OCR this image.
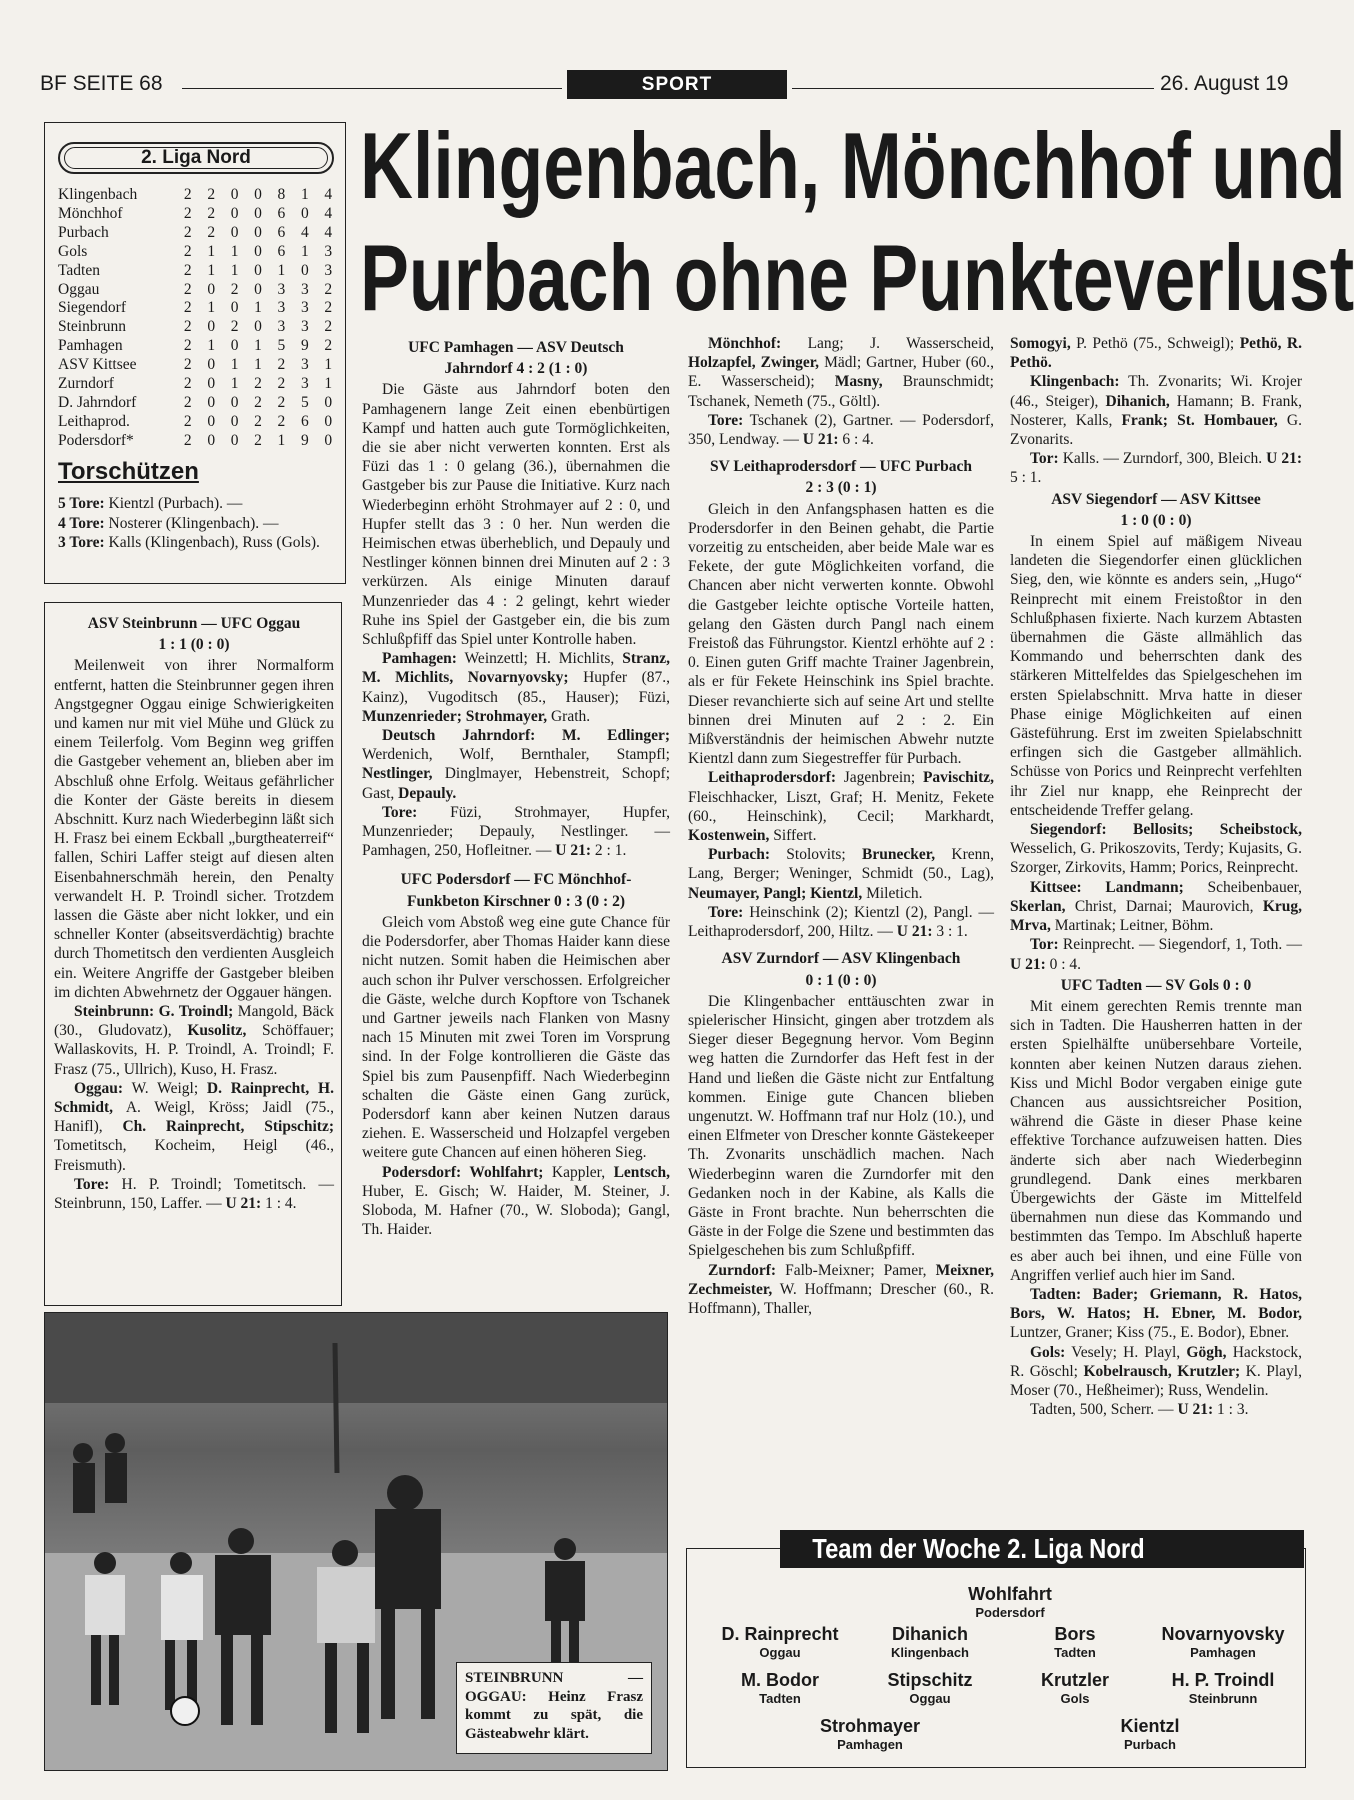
BF SEITE 68	SPORT	26. August 19
Klingenbach, Mönchhof und
Purbach ohne Punkteverlust
2. Liga Nord
Klingenbach	2	2	0	0	8	1	4
Mönchhof	2	2	0	0	6	0	4
Purbach	2	2	0	0	6	4	4
Gols	2	1	1	0	6	1	3
Tadten	2	1	1	0	1	0	3
Oggau	2	0	2	0	3	3	2
Siegendorf	2	1	0	1	3	3	2
Steinbrunn	2	0	2	0	3	3	2
Pamhagen	2	1	0	1	5	9	2
ASV Kittsee	2	0	1	1	2	3	1
Zurndorf	2	0	1	2	2	3	1
D. Jahrndorf	2	0	0	2	2	5	0
Leithaprod.	2	0	0	2	2	6	0
Podersdorf*	2	0	0	2	1	9	0
Torschützen
5 Tore: Kientzl (Purbach). —
4 Tore: Nosterer (Klingenbach). —
3 Tore: Kalls (Klingenbach), Russ (Gols).

ASV Steinbrunn — UFC Oggau

1 : 1 (0 : 0)

Meilenweit von ihrer Normalform entfernt, hatten die Steinbrunner gegen ihren Angstgegner Oggau einige Schwierigkeiten und kamen nur mit viel Mühe und Glück zu einem Teilerfolg. Vom Beginn weg griffen die Gastgeber vehement an, blieben aber im Abschluß ohne Erfolg. Weitaus gefährlicher die Konter der Gäste bereits in diesem Abschnitt. Kurz nach Wiederbeginn läßt sich H. Frasz bei einem Eckball „burgtheaterreif“ fallen, Schiri Laffer steigt auf diesen alten Eisenbahnerschmäh herein, den Penalty verwandelt H. P. Troindl sicher. Trotzdem lassen die Gäste aber nicht lokker, und ein schneller Konter (abseitsverdächtig) brachte durch Thometitsch den verdienten Ausgleich ein. Weitere Angriffe der Gastgeber bleiben im dichten Abwehrnetz der Oggauer hängen.

Steinbrunn: G. Troindl; Mangold, Bäck (30., Gludovatz), Kusolitz, Schöffauer; Wallaskovits, H. P. Troindl, A. Troindl; F. Frasz (75., Ullrich), Kuso, H. Frasz.

Oggau: W. Weigl; D. Rainprecht, H. Schmidt, A. Weigl, Kröss; Jaidl (75., Hanifl), Ch. Rainprecht, Stipschitz; Tometitsch, Kocheim, Heigl (46., Freismuth).

Tore: H. P. Troindl; Tometitsch. — Steinbrunn, 150, Laffer. — U 21: 1 : 4.

UFC Pamhagen — ASV Deutsch

Jahrndorf 4 : 2 (1 : 0)

Die Gäste aus Jahrndorf boten den Pamhagenern lange Zeit einen ebenbürtigen Kampf und hatten auch gute Tormöglichkeiten, die sie aber nicht verwerten konnten. Erst als Füzi das 1 : 0 gelang (36.), übernahmen die Gastgeber bis zur Pause die Initiative. Kurz nach Wiederbeginn erhöht Strohmayer auf 2 : 0, und Hupfer stellt das 3 : 0 her. Nun werden die Heimischen etwas überheblich, und Depauly und Nestlinger können binnen drei Minuten auf 2 : 3 verkürzen. Als einige Minuten darauf Munzenrieder das 4 : 2 gelingt, kehrt wieder Ruhe ins Spiel der Gastgeber ein, die bis zum Schlußpfiff das Spiel unter Kontrolle haben.

Pamhagen: Weinzettl; H. Michlits, Stranz, M. Michlits, Novarnyovsky; Hupfer (87., Kainz), Vugoditsch (85., Hauser); Füzi, Munzenrieder; Strohmayer, Grath.

Deutsch Jahrndorf: M. Edlinger; Werdenich, Wolf, Bernthaler, Stampfl; Nestlinger, Dinglmayer, Hebenstreit, Schopf; Gast, Depauly.

Tore: Füzi, Strohmayer, Hupfer, Munzenrieder; Depauly, Nestlinger. — Pamhagen, 250, Hofleitner. — U 21: 2 : 1.

UFC Podersdorf — FC Mönchhof-

Funkbeton Kirschner 0 : 3 (0 : 2)

Gleich vom Abstoß weg eine gute Chance für die Podersdorfer, aber Thomas Haider kann diese nicht nutzen. Somit haben die Heimischen aber auch schon ihr Pulver verschossen. Erfolgreicher die Gäste, welche durch Kopftore von Tschanek und Gartner jeweils nach Flanken von Masny nach 15 Minuten mit zwei Toren im Vorsprung sind. In der Folge kontrollieren die Gäste das Spiel bis zum Pausenpfiff. Nach Wiederbeginn schalten die Gäste einen Gang zurück, Podersdorf kann aber keinen Nutzen daraus ziehen. E. Wasserscheid und Holzapfel vergeben weitere gute Chancen auf einen höheren Sieg.

Podersdorf: Wohlfahrt; Kappler, Lentsch, Huber, E. Gisch; W. Haider, M. Steiner, J. Sloboda, M. Hafner (70., W. Sloboda); Gangl, Th. Haider.

Mönchhof: Lang; J. Wasserscheid, Holzapfel, Zwinger, Mädl; Gartner, Huber (60., E. Wasserscheid); Masny, Braunschmidt; Tschanek, Nemeth (75., Göltl).

Tore: Tschanek (2), Gartner. — Podersdorf, 350, Lendway. — U 21: 6 : 4.

SV Leithaprodersdorf — UFC Purbach

2 : 3 (0 : 1)

Gleich in den Anfangsphasen hatten es die Prodersdorfer in den Beinen gehabt, die Partie vorzeitig zu entscheiden, aber beide Male war es Fekete, der gute Möglichkeiten vorfand, die Chancen aber nicht verwerten konnte. Obwohl die Gastgeber leichte optische Vorteile hatten, gelang den Gästen durch Pangl nach einem Freistoß das Führungstor. Kientzl erhöhte auf 2 : 0. Einen guten Griff machte Trainer Jagenbrein, als er für Fekete Heinschink ins Spiel brachte. Dieser revanchierte sich auf seine Art und stellte binnen drei Minuten auf 2 : 2. Ein Mißverständnis der heimischen Abwehr nutzte Kientzl dann zum Siegestreffer für Purbach.

Leithaprodersdorf: Jagenbrein; Pavischitz, Fleischhacker, Liszt, Graf; H. Menitz, Fekete (60., Heinschink), Cecil; Markhardt, Kostenwein, Siffert.

Purbach: Stolovits; Brunecker, Krenn, Lang, Berger; Weninger, Schmidt (50., Lag), Neumayer, Pangl; Kientzl, Miletich.

Tore: Heinschink (2); Kientzl (2), Pangl. — Leithaprodersdorf, 200, Hiltz. — U 21: 3 : 1.

ASV Zurndorf — ASV Klingenbach

0 : 1 (0 : 0)

Die Klingenbacher enttäuschten zwar in spielerischer Hinsicht, gingen aber trotzdem als Sieger dieser Begegnung hervor. Vom Beginn weg hatten die Zurndorfer das Heft fest in der Hand und ließen die Gäste nicht zur Entfaltung kommen. Einige gute Chancen blieben ungenutzt. W. Hoffmann traf nur Holz (10.), und einen Elfmeter von Drescher konnte Gästekeeper Th. Zvonarits unschädlich machen. Nach Wiederbeginn waren die Zurndorfer mit den Gedanken noch in der Kabine, als Kalls die Gäste in Front brachte. Nun beherrschten die Gäste in der Folge die Szene und bestimmten das Spielgeschehen bis zum Schlußpfiff.

Zurndorf: Falb-Meixner; Pamer, Meixner, Zechmeister, W. Hoffmann; Drescher (60., R. Hoffmann), Thaller,

Somogyi, P. Pethö (75., Schweigl); Pethö, R. Pethö.

Klingenbach: Th. Zvonarits; Wi. Krojer (46., Steiger), Dihanich, Hamann; B. Frank, Nosterer, Kalls, Frank; St. Hombauer, G. Zvonarits.

Tor: Kalls. — Zurndorf, 300, Bleich. U 21: 5 : 1.

ASV Siegendorf — ASV Kittsee

1 : 0 (0 : 0)

In einem Spiel auf mäßigem Niveau landeten die Siegendorfer einen glücklichen Sieg, den, wie könnte es anders sein, „Hugo“ Reinprecht mit einem Freistoßtor in den Schlußphasen fixierte. Nach kurzem Abtasten übernahmen die Gäste allmählich das Kommando und beherrschten dank des stärkeren Mittelfeldes das Spielgeschehen im ersten Spielabschnitt. Mrva hatte in dieser Phase einige Möglichkeiten auf einen Gästeführung. Erst im zweiten Spielabschnitt erfingen sich die Gastgeber allmählich. Schüsse von Porics und Reinprecht verfehlten ihr Ziel nur knapp, ehe Reinprecht der entscheidende Treffer gelang.

Siegendorf: Bellosits; Scheibstock, Wesselich, G. Prikoszovits, Terdy; Kujasits, G. Szorger, Zirkovits, Hamm; Porics, Reinprecht.

Kittsee: Landmann; Scheibenbauer, Skerlan, Christ, Darnai; Maurovich, Krug, Mrva, Martinak; Leitner, Böhm.

Tor: Reinprecht. — Siegendorf, 1, Toth. — U 21: 0 : 4.

UFC Tadten — SV Gols 0 : 0

Mit einem gerechten Remis trennte man sich in Tadten. Die Hausherren hatten in der ersten Spielhälfte unübersehbare Vorteile, konnten aber keinen Nutzen daraus ziehen. Kiss und Michl Bodor vergaben einige gute Chancen aus aussichtsreicher Position, während die Gäste in dieser Phase keine effektive Torchance aufzuweisen hatten. Dies änderte sich aber nach Wiederbeginn grundlegend. Dank eines merkbaren Übergewichts der Gäste im Mittelfeld übernahmen nun diese das Kommando und bestimmten das Tempo. Im Abschluß haperte es aber auch bei ihnen, und eine Fülle von Angriffen verlief auch hier im Sand.

Tadten: Bader; Griemann, R. Hatos, Bors, W. Hatos; H. Ebner, M. Bodor, Luntzer, Graner; Kiss (75., E. Bodor), Ebner.

Gols: Vesely; H. Playl, Gögh, Hackstock, R. Göschl; Kobelrausch, Krutzler; K. Playl, Moser (70., Heßheimer); Russ, Wendelin.

Tadten, 500, Scherr. — U 21: 1 : 3.

STEINBRUNN — OGGAU: Heinz Frasz kommt zu spät, die Gästeabwehr klärt.
Team der Woche 2. Liga Nord
Wohlfahrt
Podersdorf
D. Rainprecht
Oggau
Dihanich
Klingenbach
Bors
Tadten
Novarnyovsky
Pamhagen
M. Bodor
Tadten
Stipschitz
Oggau
Krutzler
Gols
H. P. Troindl
Steinbrunn
Strohmayer
Pamhagen
Kientzl
Purbach
